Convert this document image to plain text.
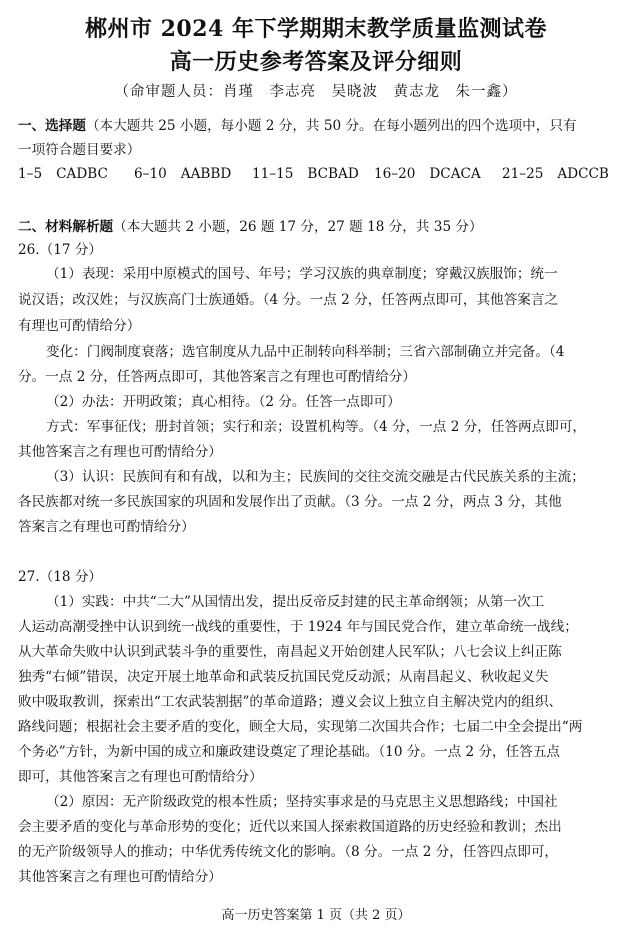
郴州市 2024 年下学期期末教学质量监测试卷
高一历史参考答案及评分细则
（命审题人员：肖瑾　李志亮　吴晓波　黄志龙　朱一鑫）
一、选择题（本大题共 25 小题，每小题 2 分，共 50 分。在每小题列出的四个选项中，只有
一项符合题目要求）
1–5 CADBC 6–10 AABBD 11–15 BCBAD 16–20 DCACA 21–25 ADCCB
二、材料解析题（本大题共 2 小题，26 题 17 分，27 题 18 分，共 35 分）
26.（17 分）
（1）表现：采用中原模式的国号、年号；学习汉族的典章制度；穿戴汉族服饰；统一
说汉语；改汉姓；与汉族高门士族通婚。（4 分。一点 2 分，任答两点即可，其他答案言之
有理也可酌情给分）
变化：门阀制度衰落；选官制度从九品中正制转向科举制；三省六部制确立并完备。（4
分。一点 2 分，任答两点即可，其他答案言之有理也可酌情给分）
（2）办法：开明政策；真心相待。（2 分。任答一点即可）
方式：军事征伐；册封首领；实行和亲；设置机构等。（4 分，一点 2 分，任答两点即可，
其他答案言之有理也可酌情给分）
（3）认识：民族间有和有战，以和为主；民族间的交往交流交融是古代民族关系的主流；
各民族都对统一多民族国家的巩固和发展作出了贡献。（3 分。一点 2 分，两点 3 分，其他
答案言之有理也可酌情给分）
27.（18 分）
（1）实践：中共“二大”从国情出发，提出反帝反封建的民主革命纲领；从第一次工
人运动高潮受挫中认识到统一战线的重要性，于 1924 年与国民党合作，建立革命统一战线；
从大革命失败中认识到武装斗争的重要性，南昌起义开始创建人民军队；八七会议上纠正陈
独秀“右倾”错误，决定开展土地革命和武装反抗国民党反动派；从南昌起义、秋收起义失
败中吸取教训，探索出“工农武装割据”的革命道路；遵义会议上独立自主解决党内的组织、
路线问题；根据社会主要矛盾的变化，顾全大局，实现第二次国共合作；七届二中全会提出“两
个务必”方针，为新中国的成立和廉政建设奠定了理论基础。（10 分。一点 2 分，任答五点
即可，其他答案言之有理也可酌情给分）
（2）原因：无产阶级政党的根本性质；坚持实事求是的马克思主义思想路线；中国社
会主要矛盾的变化与革命形势的变化；近代以来国人探索救国道路的历史经验和教训；杰出
的无产阶级领导人的推动；中华优秀传统文化的影响。（8 分。一点 2 分，任答四点即可，
其他答案言之有理也可酌情给分）
高一历史答案第 1 页（共 2 页）
